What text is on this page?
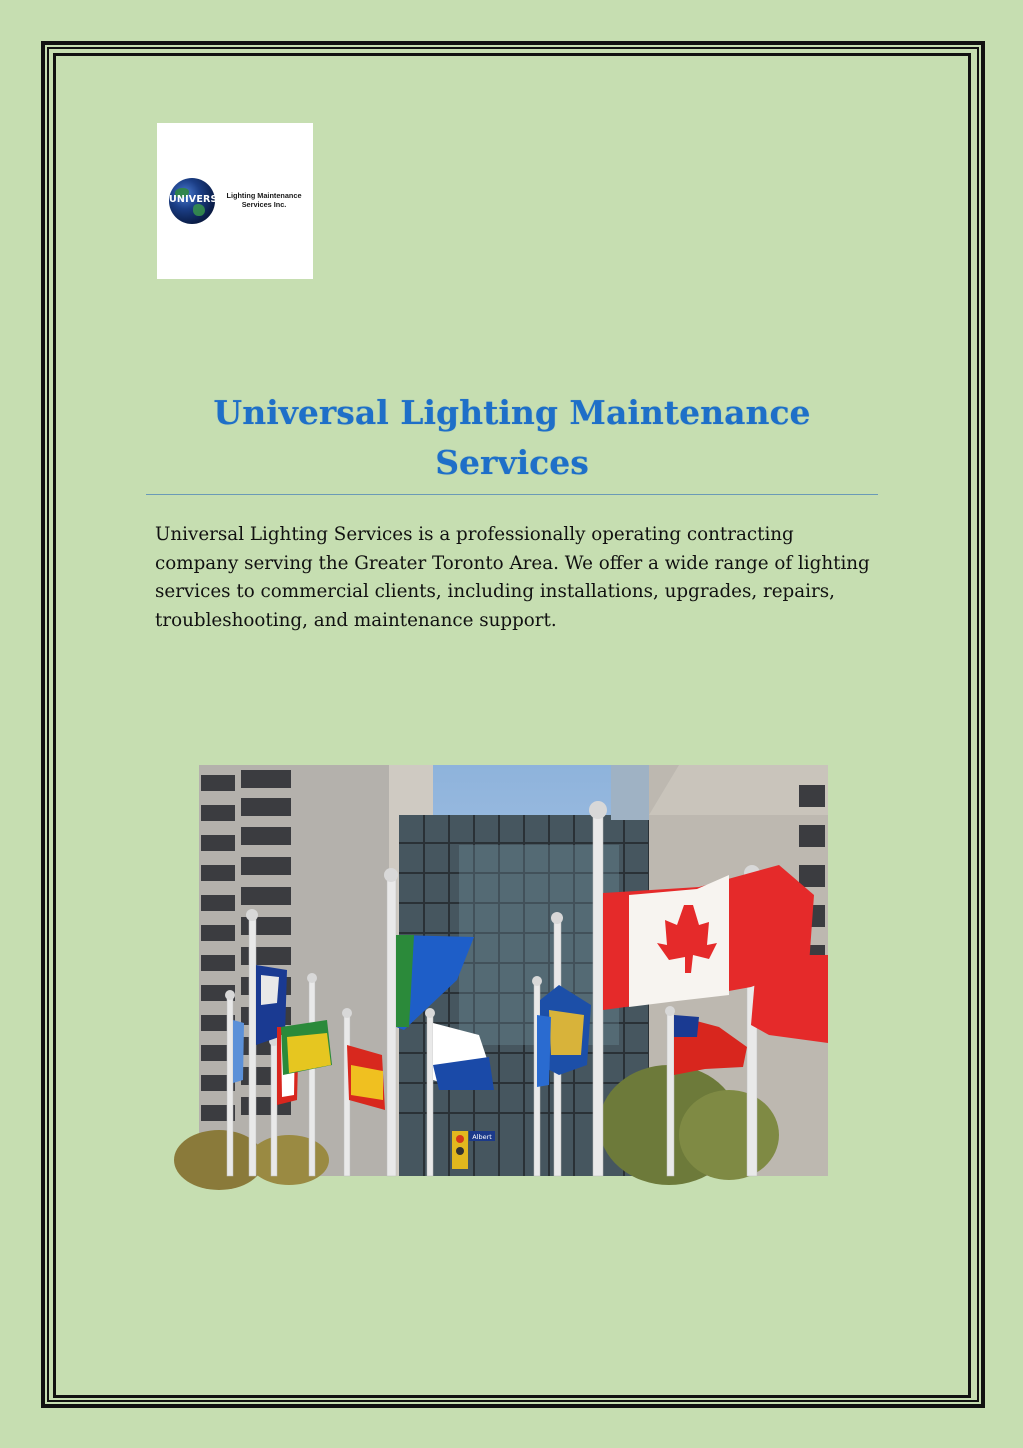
UNIVERSAL
Lighting Maintenance
Services Inc.
Universal Lighting Maintenance Services

Universal Lighting Services is a professionally operating contracting company serving the Greater Toronto Area. We offer a wide range of lighting services to commercial clients, including installations, upgrades, repairs, troubleshooting, and maintenance support.

Albert
